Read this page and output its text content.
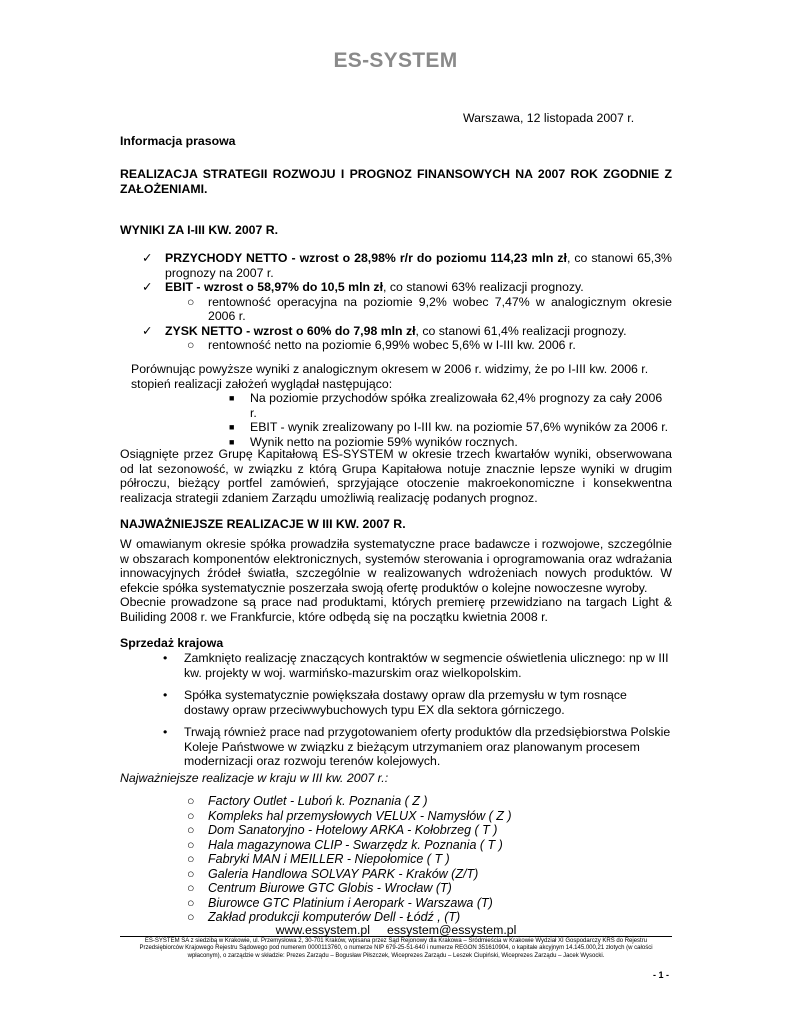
ES-SYSTEM

Warszawa, 12 listopada 2007 r.

Informacja prasowa

REALIZACJA STRATEGII ROZWOJU I PROGNOZ FINANSOWYCH NA 2007 ROK ZGODNIE Z ZAŁOŻENIAMI.

WYNIKI ZA I-III KW. 2007 R.

✓ PRZYCHODY NETTO - wzrost o 28,98% r/r do poziomu 114,23 mln zł, co stanowi 65,3% prognozy na 2007 r.

✓ EBIT - wzrost o 58,97% do 10,5 mln zł, co stanowi 63% realizacji prognozy.

○ rentowność operacyjna na poziomie 9,2% wobec 7,47% w analogicznym okresie 2006 r.

✓ ZYSK NETTO - wzrost o 60% do 7,98 mln zł, co stanowi 61,4% realizacji prognozy.

○ rentowność netto na poziomie 6,99% wobec 5,6% w I-III kw. 2006 r.

Porównując powyższe wyniki z analogicznym okresem w 2006 r. widzimy, że po I-III kw. 2006 r.

stopień realizacji założeń wyglądał następująco:

■ Na poziomie przychodów spółka zrealizowała 62,4% prognozy za cały 2006 r.

■ EBIT - wynik zrealizowany po I-III kw. na poziomie 57,6% wyników za 2006 r.

■ Wynik netto na poziomie 59% wyników rocznych.

Osiągnięte przez Grupę Kapitałową ES-SYSTEM w okresie trzech kwartałów wyniki, obserwowana od lat sezonowość, w związku z którą Grupa Kapitałowa notuje znacznie lepsze wyniki w drugim półroczu, bieżący portfel zamówień, sprzyjające otoczenie makroekonomiczne i konsekwentna realizacja strategii zdaniem Zarządu umożliwią realizację podanych prognoz.

NAJWAŻNIEJSZE REALIZACJE W III KW. 2007 R.

W omawianym okresie spółka prowadziła systematyczne prace badawcze i rozwojowe, szczególnie w obszarach komponentów elektronicznych, systemów sterowania i oprogramowania oraz wdrażania innowacyjnych źródeł światła, szczególnie w realizowanych wdrożeniach nowych produktów. W efekcie spółka systematycznie poszerzała swoją ofertę produktów o kolejne nowoczesne wyroby.

Obecnie prowadzone są prace nad produktami, których premierę przewidziano na targach Light & Builiding 2008 r. we Frankfurcie, które odbędą się na początku kwietnia 2008 r.

Sprzedaż krajowa

• Zamknięto realizację znaczących kontraktów w segmencie oświetlenia ulicznego: np w III kw. projekty w woj. warmińsko-mazurskim oraz wielkopolskim.

• Spółka systematycznie powiększała dostawy opraw dla przemysłu w tym rosnące dostawy opraw przeciwwybuchowych typu EX dla sektora górniczego.

• Trwają również prace nad przygotowaniem oferty produktów dla przedsiębiorstwa Polskie Koleje Państwowe w związku z bieżącym utrzymaniem oraz planowanym procesem modernizacji oraz rozwoju terenów kolejowych.

Najważniejsze realizacje w kraju w III kw. 2007 r.:

○ Factory Outlet - Luboń k. Poznania ( Z )

○ Kompleks hal przemysłowych VELUX - Namysłów ( Z )

○ Dom Sanatoryjno - Hotelowy ARKA - Kołobrzeg ( T )

○ Hala magazynowa CLIP - Swarzędz k. Poznania ( T )

○ Fabryki MAN i MEILLER - Niepołomice ( T )

○ Galeria Handlowa SOLVAY PARK - Kraków (Z/T)

○ Centrum Biurowe GTC Globis - Wrocław (T)

○ Biurowce GTC Platinium i Aeropark - Warszawa (T)

○ Zakład produkcji komputerów Dell - Łódź , (T)

www.essystem.pl     essystem@essystem.pl

ES-SYSTEM SA z siedzibą w Krakowie, ul. Przemysłowa 2, 30-701 Kraków, wpisana przez Sąd Rejonowy dla Krakowa – Śródmieścia w Krakowie Wydział XI Gospodarczy KRS do Rejestru
Przedsiębiorców Krajowego Rejestru Sądowego pod numerem 0000113760, o numerze NIP 679-25-51-640 i numerze REGON 351610904, o kapitale akcyjnym 14.145.000,21 złotych (w całości
wpłaconym), o zarządzie w składzie: Prezes Zarządu – Bogusław Piłszczek, Wiceprezes Zarządu – Leszek Ciupiński, Wiceprezes Zarządu – Jacek Wysocki.
- 1 -
